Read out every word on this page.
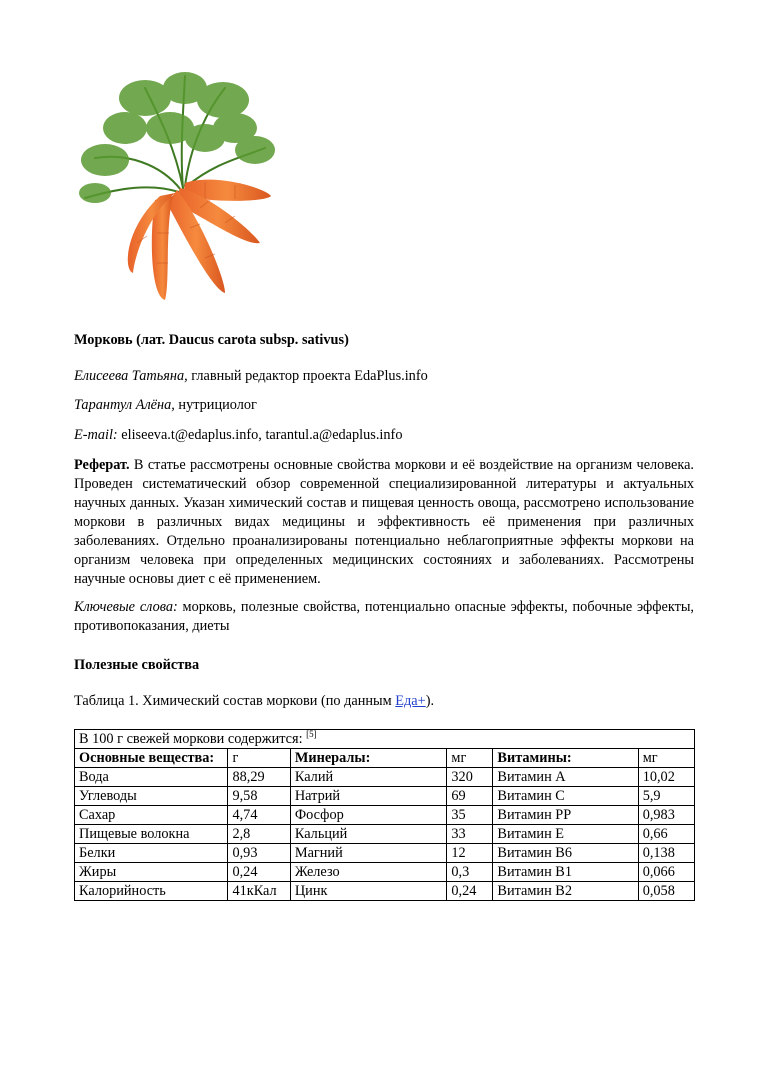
Морковь (лат. Daucus carota subsp. sativus)
Елисеева Татьяна, главный редактор проекта EdaPlus.info
Тарантул Алёна, нутрициолог
E-mail: eliseeva.t@edaplus.info, tarantul.a@edaplus.info
Реферат. В статье рассмотрены основные свойства моркови и её воздействие на организм человека. Проведен систематический обзор современной специализированной литературы и актуальных научных данных. Указан химический состав и пищевая ценность овоща, рассмотрено использование моркови в различных видах медицины и эффективность её применения при различных заболеваниях. Отдельно проанализированы потенциально неблагоприятные эффекты моркови на организм человека при определенных медицинских состояниях и заболеваниях. Рассмотрены научные основы диет с её применением.
Ключевые слова: морковь, полезные свойства, потенциально опасные эффекты, побочные эффекты, противопоказания, диеты
Полезные свойства
Таблица 1. Химический состав моркови (по данным Еда+).
В 100 г свежей моркови содержится: [5]
Основные вещества:	г	Минералы:	мг	Витамины:	мг
Вода	88,29	Калий	320	Витамин А	10,02
Углеводы	9,58	Натрий	69	Витамин C	5,9
Сахар	4,74	Фосфор	35	Витамин PP	0,983
Пищевые волокна	2,8	Кальций	33	Витамин E	0,66
Белки	0,93	Магний	12	Витамин B6	0,138
Жиры	0,24	Железо	0,3	Витамин B1	0,066
Калорийность	41кКал	Цинк	0,24	Витамин B2	0,058
